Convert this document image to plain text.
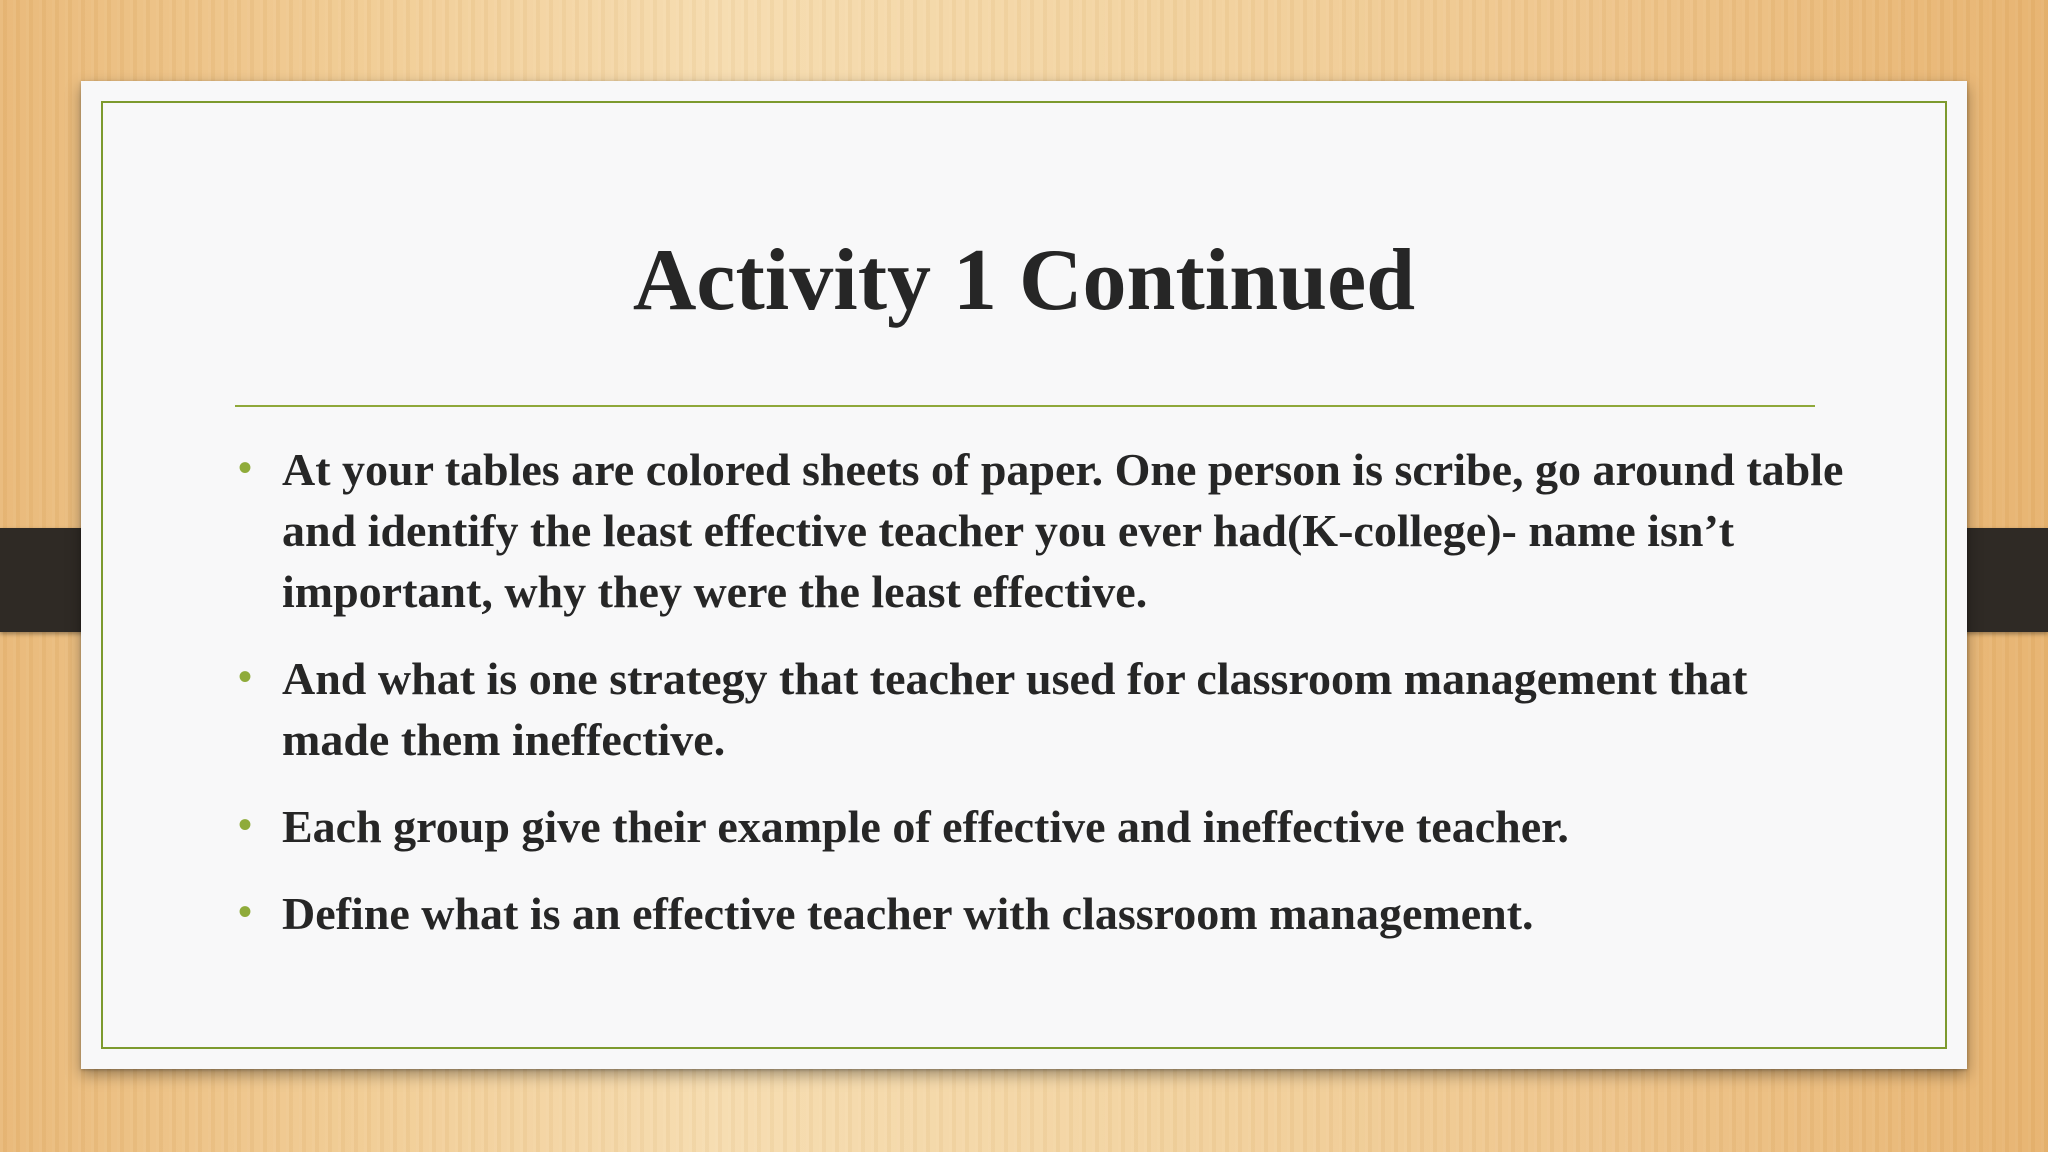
Activity 1 Continued
• At your tables are colored sheets of paper. One person is scribe, go around table and identify the least effective teacher you ever had(K-college)- name isn’t important, why they were the least effective.
• And what is one strategy that teacher used for classroom management that made them ineffective.
• Each group give their example of effective and ineffective teacher.
• Define what is an effective teacher with classroom management.
